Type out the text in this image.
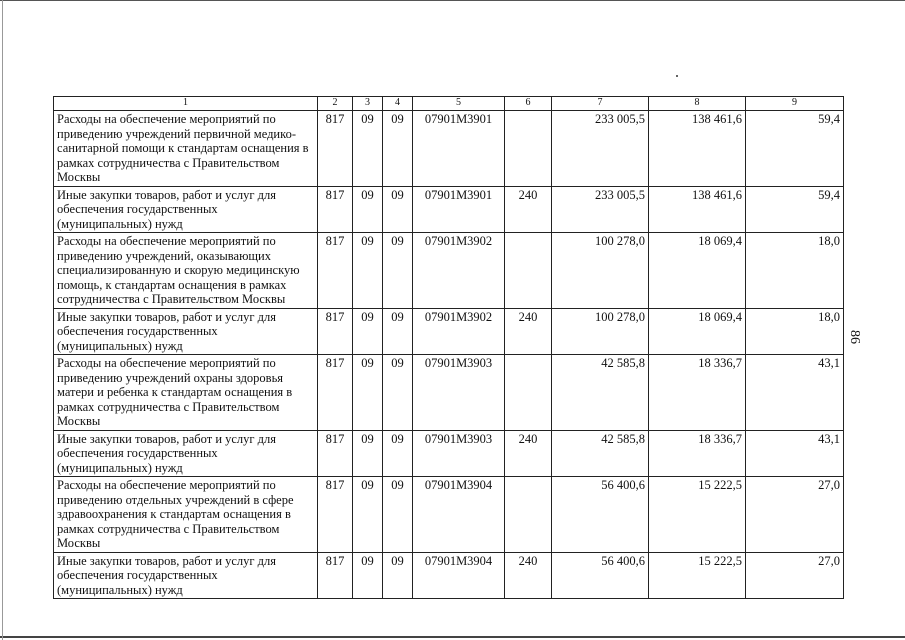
86
1	2	3	4	5	6	7	8	9
Расходы на обеспечение мероприятий по приведению учреждений первичной медико-санитарной помощи к стандартам оснащения в рамках сотрудничества с Правительством Москвы	817	09	09	07901М3901		233 005,5	138 461,6	59,4
Иные закупки товаров, работ и услуг для обеспечения государственных (муниципальных) нужд	817	09	09	07901М3901	240	233 005,5	138 461,6	59,4
Расходы на обеспечение мероприятий по приведению учреждений, оказывающих специализированную и скорую медицинскую помощь, к стандартам оснащения в рамках сотрудничества с Правительством Москвы	817	09	09	07901М3902		100 278,0	18 069,4	18,0
Иные закупки товаров, работ и услуг для обеспечения государственных (муниципальных) нужд	817	09	09	07901М3902	240	100 278,0	18 069,4	18,0
Расходы на обеспечение мероприятий по приведению учреждений охраны здоровья матери и ребенка к стандартам оснащения в рамках сотрудничества с Правительством Москвы	817	09	09	07901М3903		42 585,8	18 336,7	43,1
Иные закупки товаров, работ и услуг для обеспечения государственных (муниципальных) нужд	817	09	09	07901М3903	240	42 585,8	18 336,7	43,1
Расходы на обеспечение мероприятий по приведению отдельных учреждений в сфере здравоохранения к стандартам оснащения в рамках сотрудничества с Правительством Москвы	817	09	09	07901М3904		56 400,6	15 222,5	27,0
Иные закупки товаров, работ и услуг для обеспечения государственных (муниципальных) нужд	817	09	09	07901М3904	240	56 400,6	15 222,5	27,0
